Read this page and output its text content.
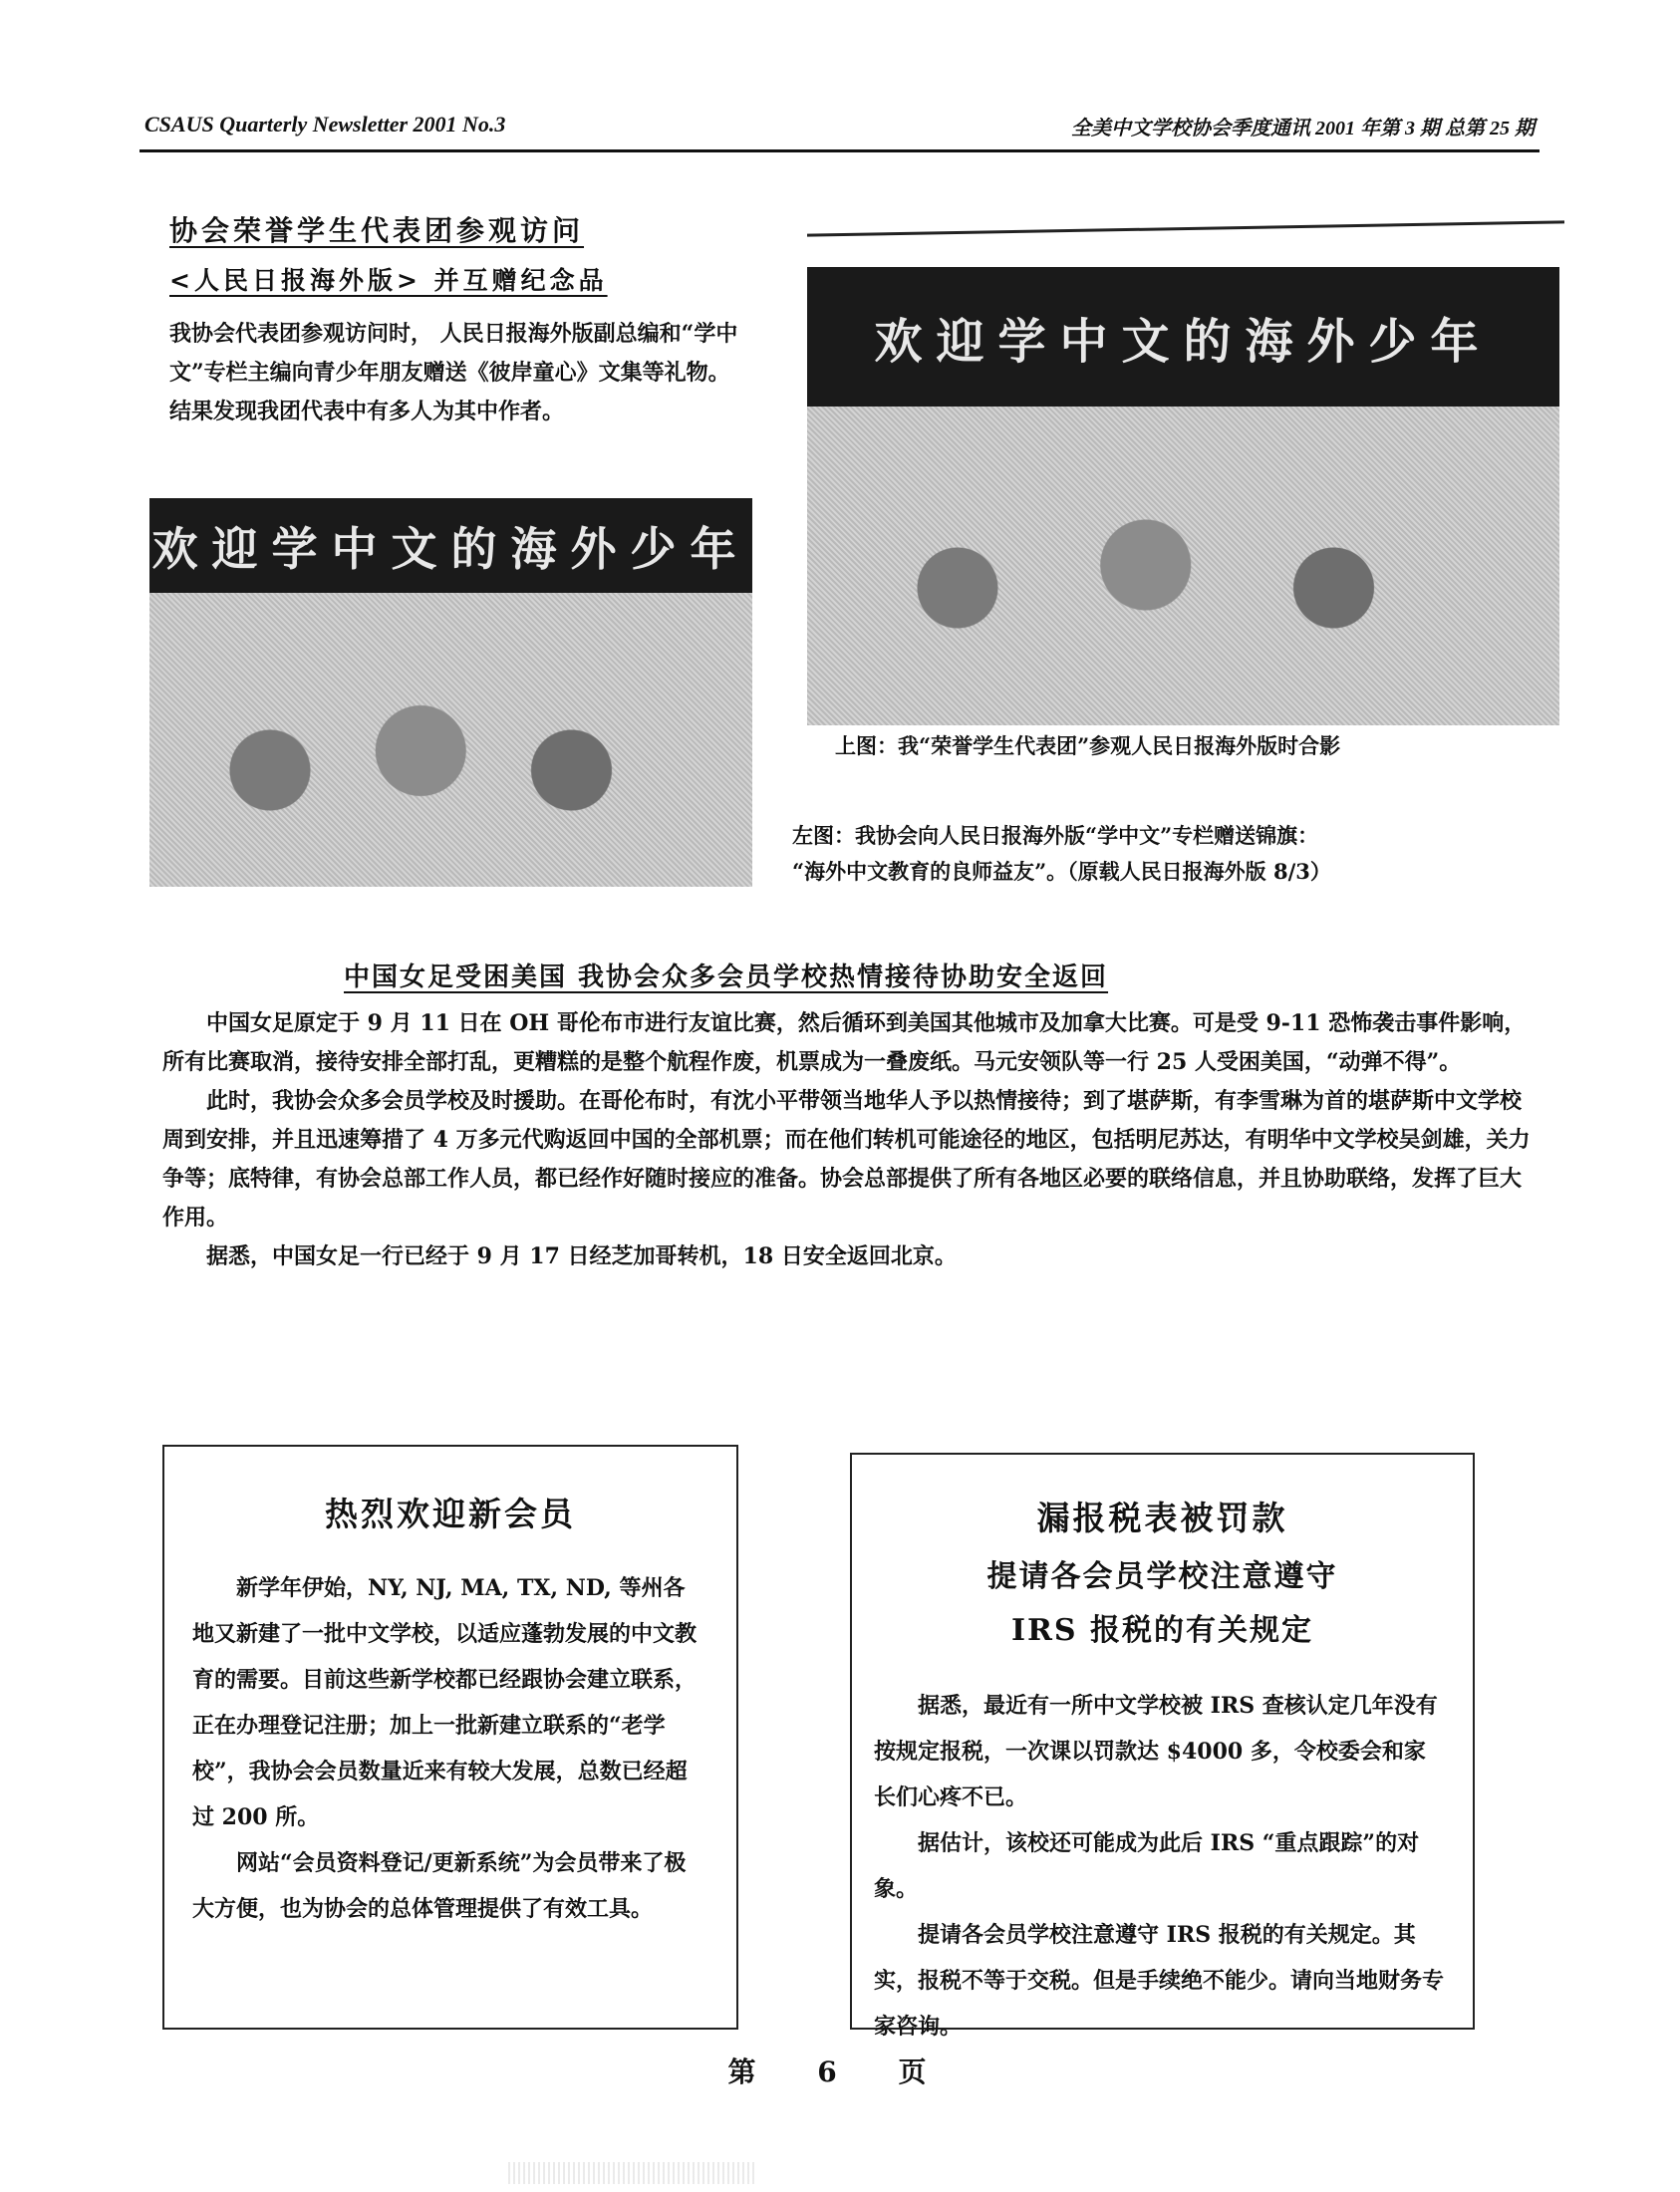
CSAUS Quarterly Newsletter 2001 No.3	全美中文学校协会季度通讯 2001 年第 3 期 总第 25 期
协会荣誉学生代表团参观访问
<人民日报海外版> 并互赠纪念品
我协会代表团参观访问时， 人民日报海外版副总编和“学中文”专栏主编向青少年朋友赠送《彼岸童心》文集等礼物。结果发现我团代表中有多人为其中作者。
欢迎学中文的海外少年
欢迎学中文的海外少年
上图：我“荣誉学生代表团”参观人民日报海外版时合影
左图：我协会向人民日报海外版“学中文”专栏赠送锦旗：
“海外中文教育的良师益友”。（原载人民日报海外版 8/3）
中国女足受困美国 我协会众多会员学校热情接待协助安全返回

中国女足原定于 9 月 11 日在 OH 哥伦布市进行友谊比赛，然后循环到美国其他城市及加拿大比赛。可是受 9-11 恐怖袭击事件影响，所有比赛取消，接待安排全部打乱，更糟糕的是整个航程作废，机票成为一叠废纸。马元安领队等一行 25 人受困美国，“动弹不得”。

此时，我协会众多会员学校及时援助。在哥伦布时，有沈小平带领当地华人予以热情接待；到了堪萨斯，有李雪琳为首的堪萨斯中文学校周到安排，并且迅速筹措了 4 万多元代购返回中国的全部机票；而在他们转机可能途径的地区，包括明尼苏达，有明华中文学校吴剑雄，关力争等；底特律，有协会总部工作人员，都已经作好随时接应的准备。协会总部提供了所有各地区必要的联络信息，并且协助联络，发挥了巨大作用。

据悉，中国女足一行已经于 9 月 17 日经芝加哥转机，18 日安全返回北京。

热烈欢迎新会员

新学年伊始，NY, NJ, MA, TX, ND, 等州各地又新建了一批中文学校，以适应蓬勃发展的中文教育的需要。目前这些新学校都已经跟协会建立联系，正在办理登记注册；加上一批新建立联系的“老学校”，我协会会员数量近来有较大发展，总数已经超过 200 所。

网站“会员资料登记/更新系统”为会员带来了极大方便，也为协会的总体管理提供了有效工具。

漏报税表被罚款
提请各会员学校注意遵守
IRS 报税的有关规定

据悉，最近有一所中文学校被 IRS 查核认定几年没有按规定报税，一次课以罚款达 $4000 多，令校委会和家长们心疼不已。

据估计，该校还可能成为此后 IRS “重点跟踪”的对象。

提请各会员学校注意遵守 IRS 报税的有关规定。其实，报税不等于交税。但是手续绝不能少。请向当地财务专家咨询。

第 6 页
